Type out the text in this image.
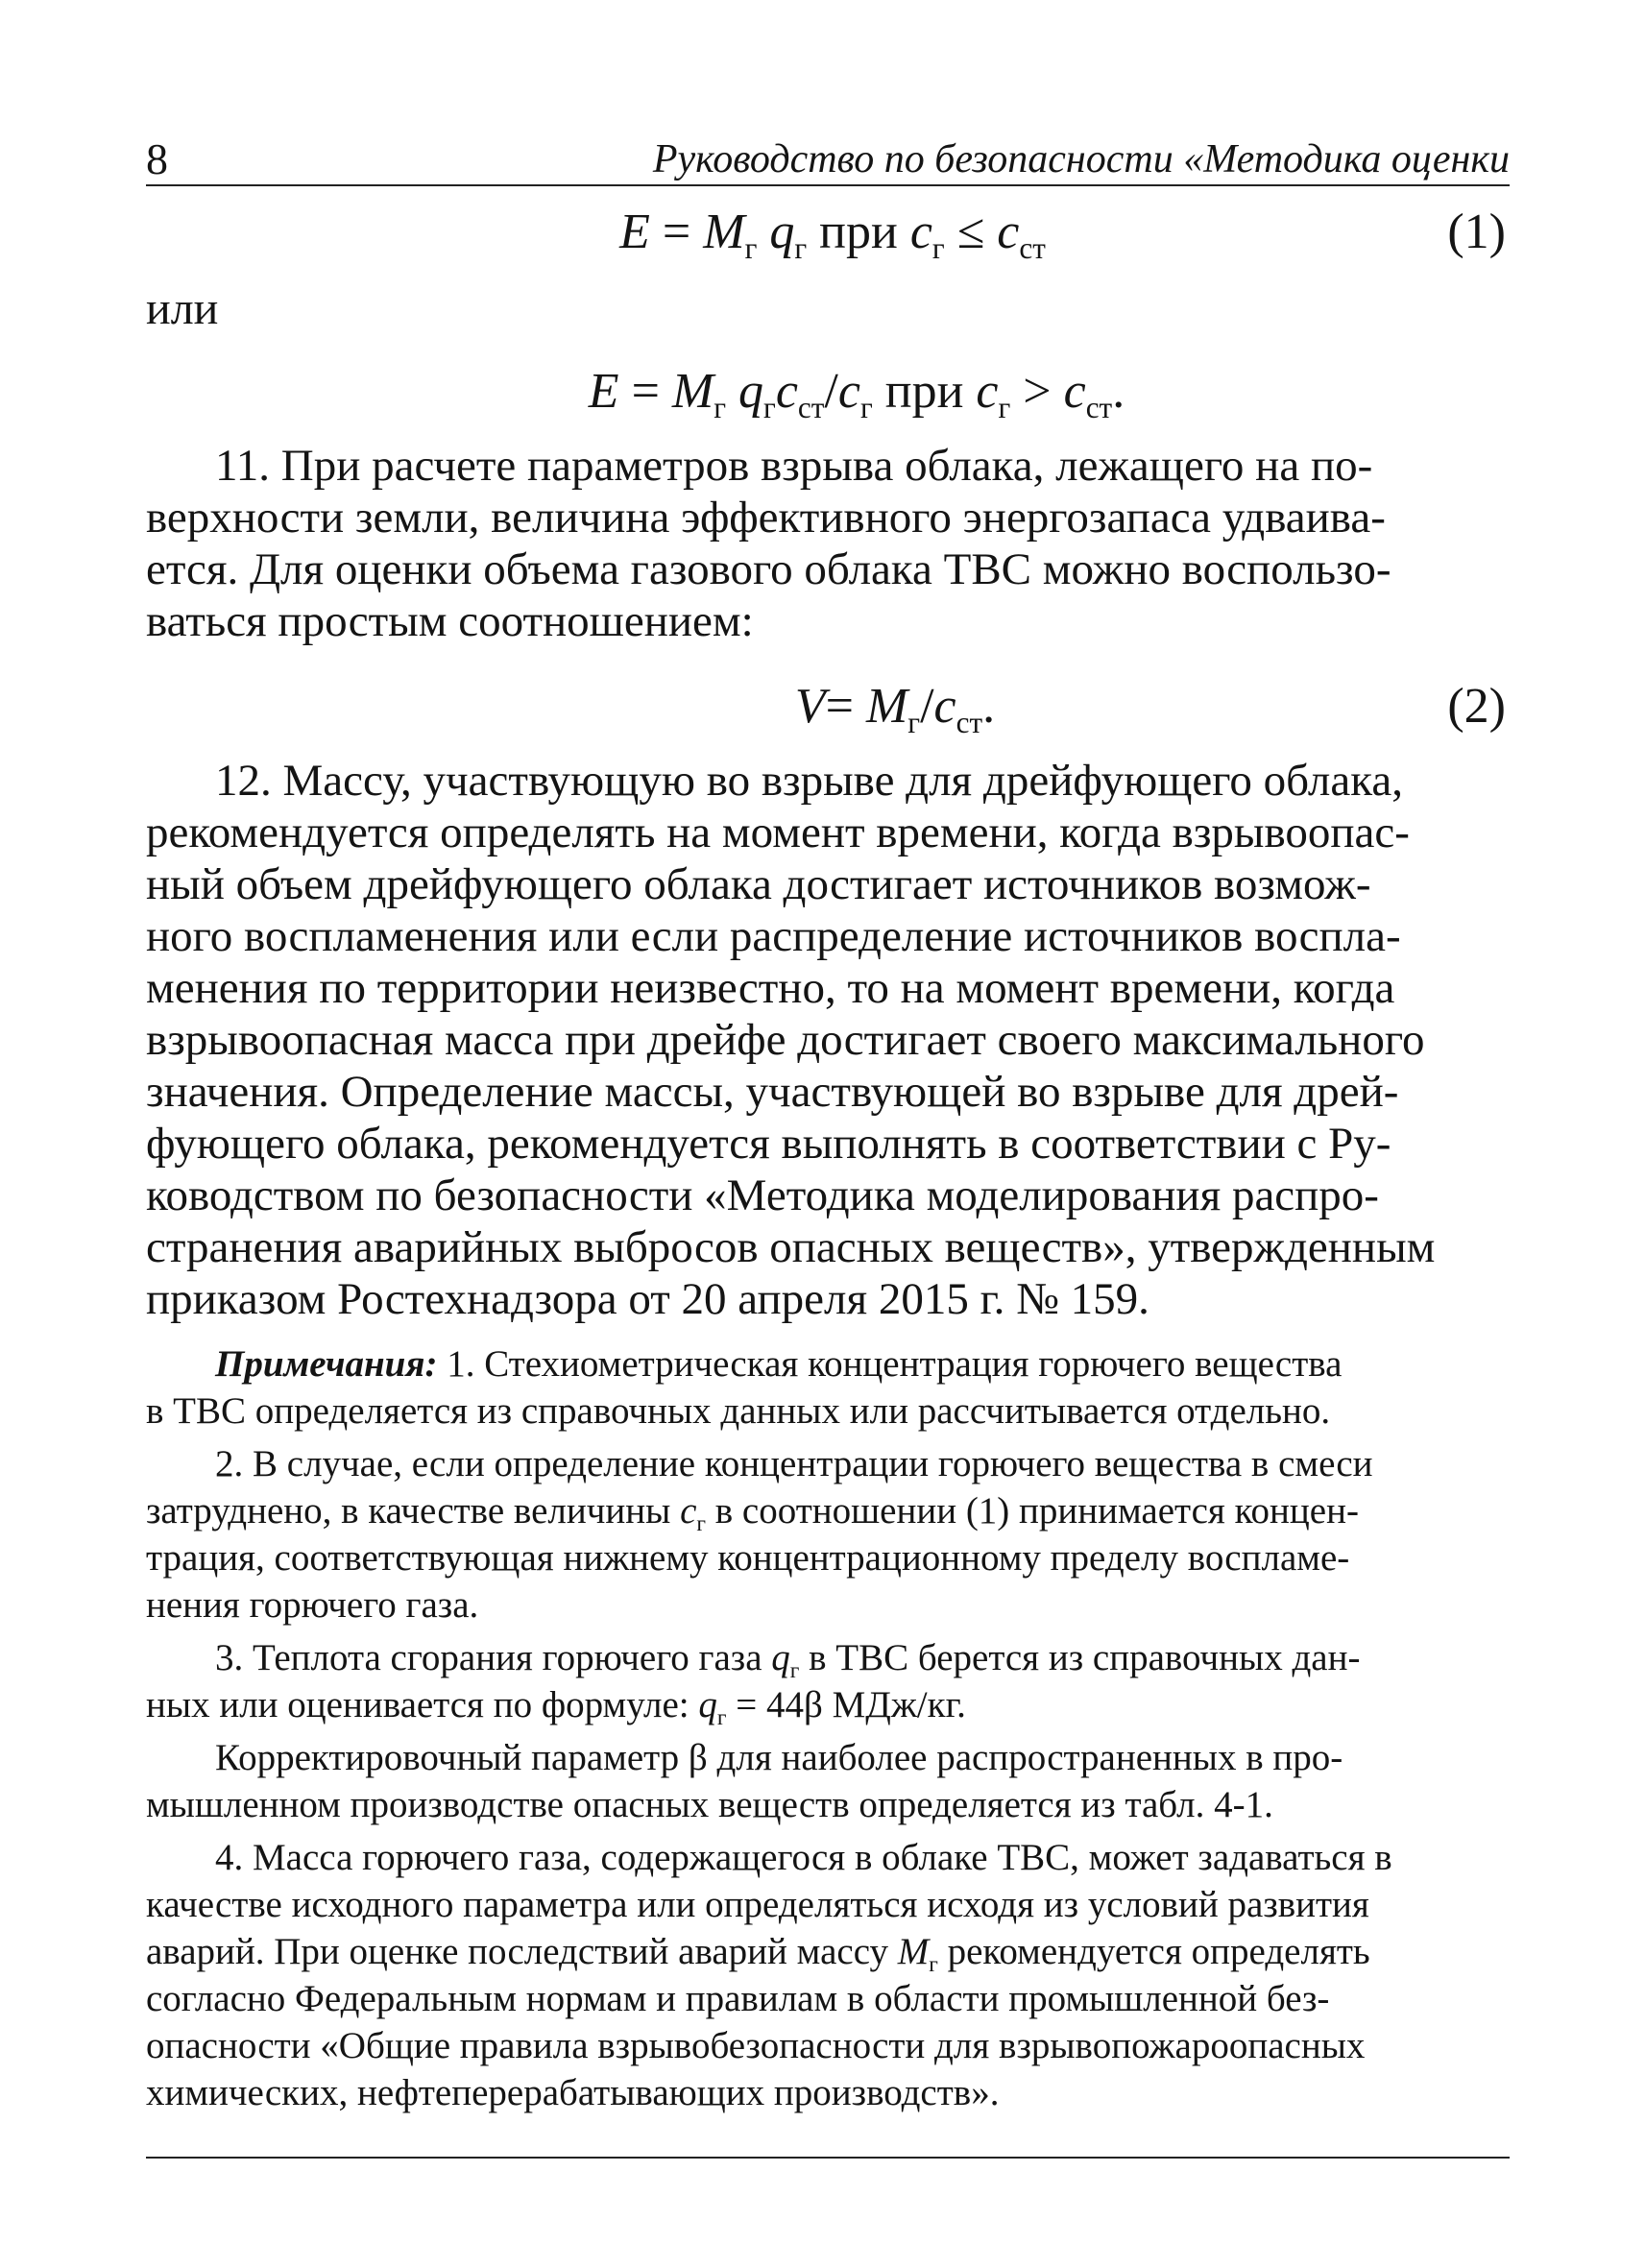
8	Руководство по безопасности «Методика оценки
$E = M_г$ $q_г$ при $c_г \le c_{ст}$	(1)
или
$E = M_г$ $q_гc_{ст}/c_г$ при $c_г > c_{ст}$.

11. При расчете параметров взрыва облака, лежащего на по-
верхности земли, величина эффективного энергозапаса удваива-
ется. Для оценки объема газового облака ТВС можно воспользо-
ваться простым соотношением:

$V= M_г/c_{ст}$.	(2)

12. Массу, участвующую во взрыве для дрейфующего облака,
рекомендуется определять на момент времени, когда взрывоопас-
ный объем дрейфующего облака достигает источников возмож-
ного воспламенения или если распределение источников воспла-
менения по территории неизвестно, то на момент времени, когда
взрывоопасная масса при дрейфе достигает своего максимального
значения. Определение массы, участвующей во взрыве для дрей-
фующего облака, рекомендуется выполнять в соответствии с Ру-
ководством по безопасности «Методика моделирования распро-
странения аварийных выбросов опасных веществ», утвержденным
приказом Ростехнадзора от 20 апреля 2015 г. № 159.

Примечания: 1. Стехиометрическая концентрация горючего вещества
в ТВС определяется из справочных данных или рассчитывается отдельно.
2. В случае, если определение концентрации горючего вещества в смеси
затруднено, в качестве величины $c_г$ в соотношении (1) принимается концен-
трация, соответствующая нижнему концентрационному пределу воспламе-
нения горючего газа.
3. Теплота сгорания горючего газа $q_г$ в ТВС берется из справочных дан-
ных или оценивается по формуле: $q_г = 44\beta$ МДж/кг.
Корректировочный параметр β для наиболее распространенных в про-
мышленном производстве опасных веществ определяется из табл. 4-1.
4. Масса горючего газа, содержащегося в облаке ТВС, может задаваться в
качестве исходного параметра или определяться исходя из условий развития
аварий. При оценке последствий аварий массу $M_г$ рекомендуется определять
согласно Федеральным нормам и правилам в области промышленной без-
опасности «Общие правила взрывобезопасности для взрывопожароопасных
химических, нефтеперерабатывающих производств».
